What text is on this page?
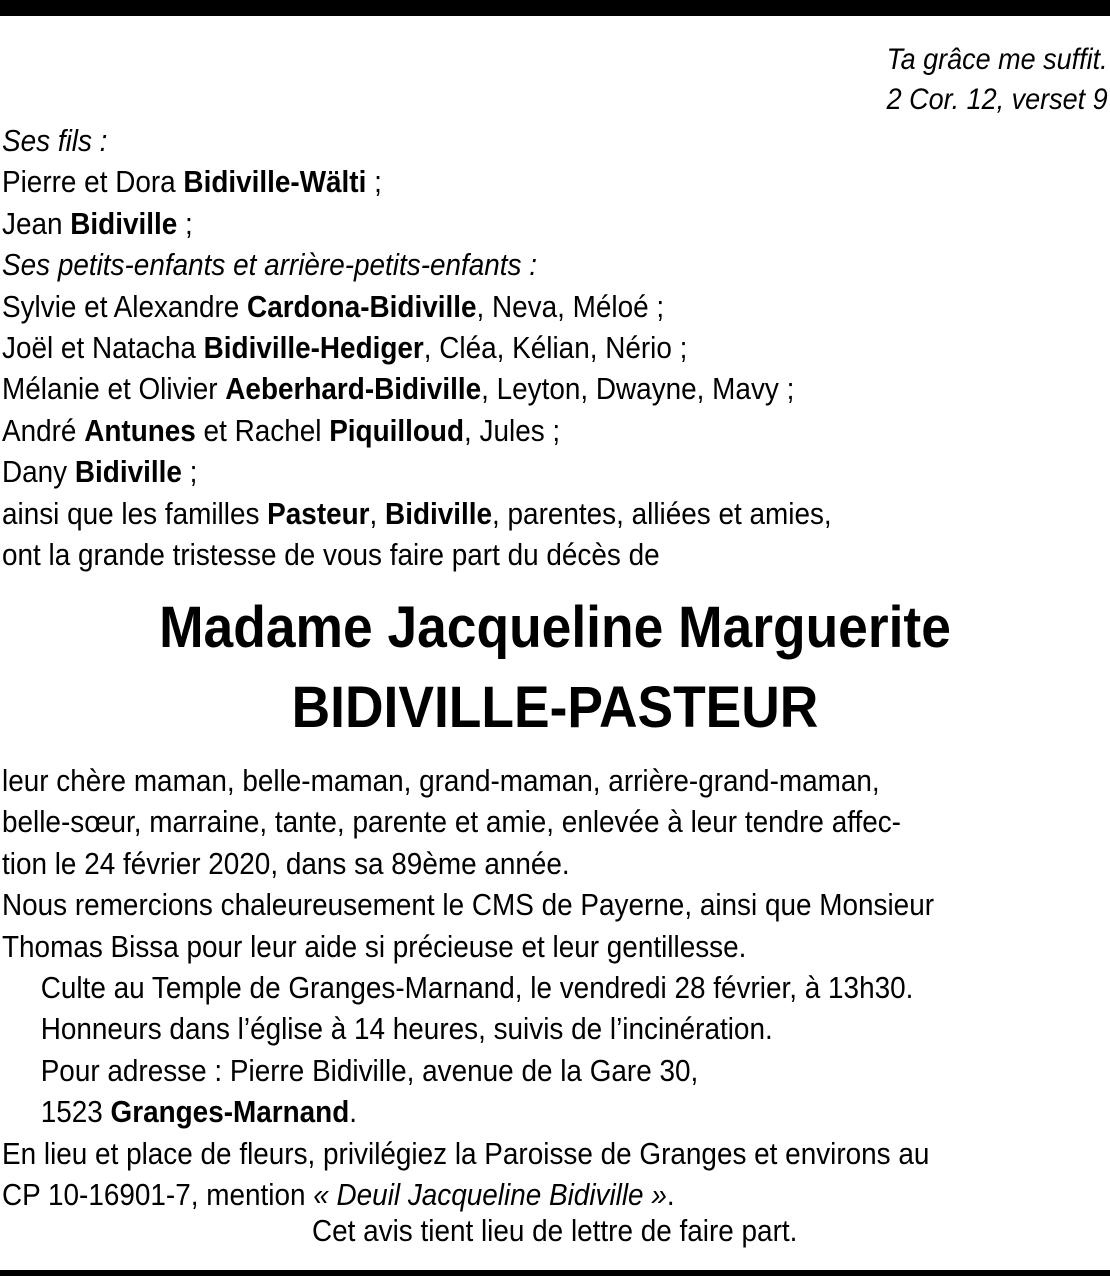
Ta grâce me suffit.
2 Cor. 12, verset 9
Ses fils :
Pierre et Dora Bidiville-Wälti ;
Jean Bidiville ;
Ses petits-enfants et arrière-petits-enfants :
Sylvie et Alexandre Cardona-Bidiville, Neva, Méloé ;
Joël et Natacha Bidiville-Hediger, Cléa, Kélian, Nério ;
Mélanie et Olivier Aeberhard-Bidiville, Leyton, Dwayne, Mavy ;
André Antunes et Rachel Piquilloud, Jules ;
Dany Bidiville ;
ainsi que les familles Pasteur, Bidiville, parentes, alliées et amies,
ont la grande tristesse de vous faire part du décès de
Madame Jacqueline Marguerite
BIDIVILLE-PASTEUR
leur chère maman, belle-maman, grand-maman, arrière-grand-maman,
belle-sœur, marraine, tante, parente et amie, enlevée à leur tendre affec-
tion le 24 février 2020, dans sa 89ème année.
Nous remercions chaleureusement le CMS de Payerne, ainsi que Monsieur
Thomas Bissa pour leur aide si précieuse et leur gentillesse.
Culte au Temple de Granges-Marnand, le vendredi 28 février, à 13h30.
Honneurs dans l’église à 14 heures, suivis de l’incinération.
Pour adresse : Pierre Bidiville, avenue de la Gare 30,
1523 Granges-Marnand.
En lieu et place de fleurs, privilégiez la Paroisse de Granges et environs au
CP 10-16901-7, mention « Deuil Jacqueline Bidiville ».
Cet avis tient lieu de lettre de faire part.
